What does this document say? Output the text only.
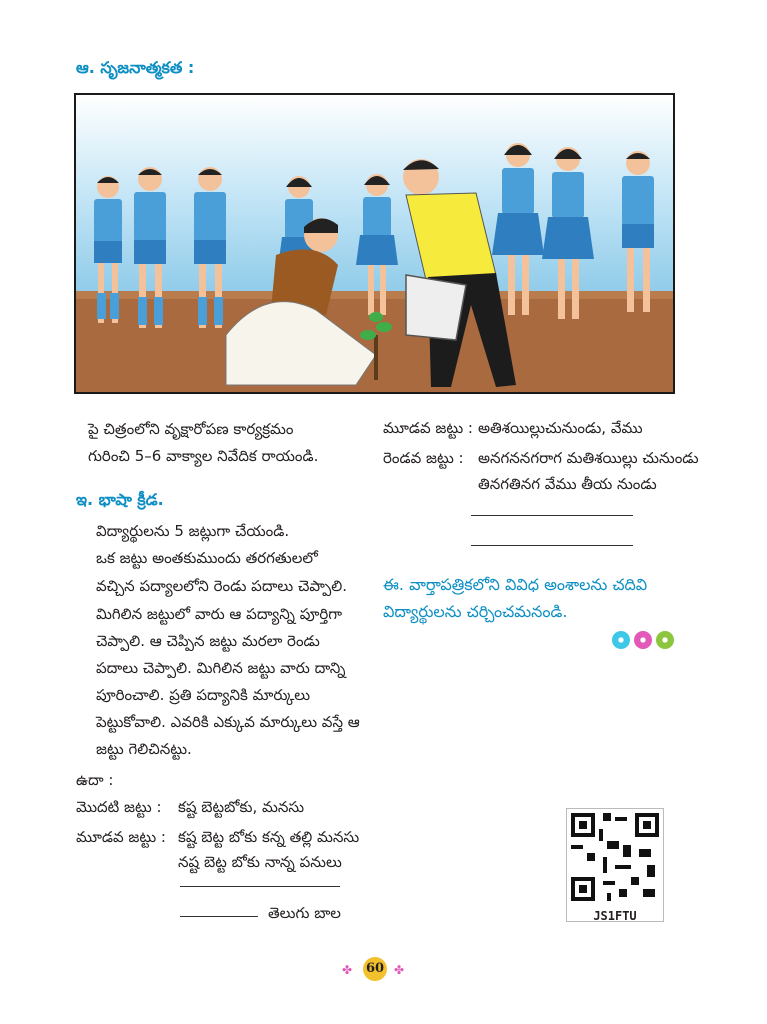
ఆ. సృజనాత్మకత :
పై చిత్రంలోని వృక్షారోపణ కార్యక్రమం
గురించి 5–6 వాక్యాల నివేదిక రాయండి.
ఇ. భాషా క్రీడ.
విద్యార్థులను 5 జట్లుగా చేయండి.
ఒక జట్టు అంతకుముందు తరగతులలో
వచ్చిన పద్యాలలోని రెండు పదాలు చెప్పాలి.
మిగిలిన జట్టులో వారు ఆ పద్యాన్ని పూర్తిగా
చెప్పాలి. ఆ చెప్పిన జట్టు మరలా రెండు
పదాలు చెప్పాలి. మిగిలిన జట్టు వారు దాన్ని
పూరించాలి. ప్రతి పద్యానికి మార్కులు
పెట్టుకోవాలి. ఎవరికి ఎక్కువ మార్కులు వస్తే ఆ
జట్టు గెలిచినట్టు.
ఉదా :
మొదటి జట్టు : కష్ట బెట్టబోకు, మనసు
మూడవ జట్టు : కష్ట బెట్ట బోకు కన్న తల్లి మనసు
నష్ట బెట్ట బోకు నాన్న పనులు
తెలుగు బాల
మూడవ జట్టు : అతిశయిల్లుచునుండు, వేము
రెండవ జట్టు : అనగననగరాగ మతిశయిల్లు చునుండు
తినగతినగ వేము తీయ నుండు
ఈ. వార్తాపత్రికలోని వివిధ అంశాలను చదివి
విద్యార్థులను చర్చించమనండి.
JS1FTU
✤ 60 ✤
